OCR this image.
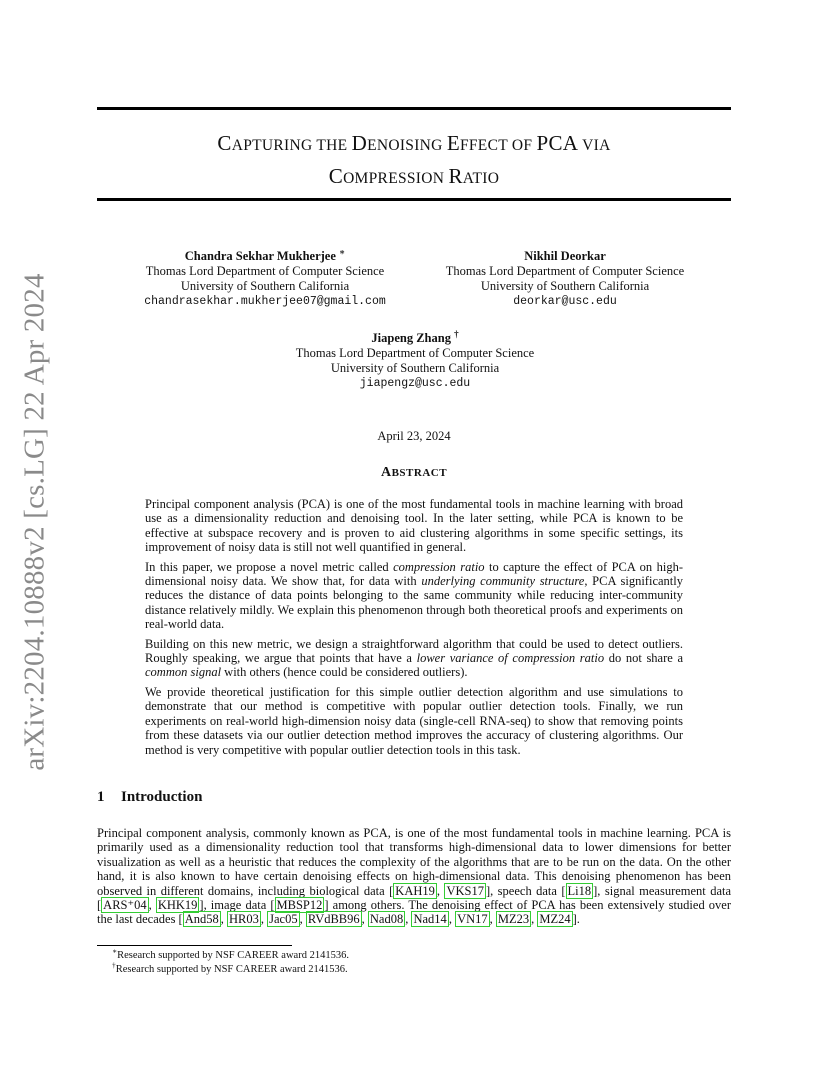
arXiv:2204.10888v2 [cs.LG] 22 Apr 2024
CAPTURING THE DENOISING EFFECT OF PCA VIA
COMPRESSION RATIO
Chandra Sekhar Mukherjee ∗
Thomas Lord Department of Computer Science
University of Southern California
chandrasekhar.mukherjee07@gmail.com
Nikhil Deorkar
Thomas Lord Department of Computer Science
University of Southern California
deorkar@usc.edu
Jiapeng Zhang †
Thomas Lord Department of Computer Science
University of Southern California
jiapengz@usc.edu
April 23, 2024
ABSTRACT

Principal component analysis (PCA) is one of the most fundamental tools in machine learning with broad use as a dimensionality reduction and denoising tool. In the later setting, while PCA is known to be effective at subspace recovery and is proven to aid clustering algorithms in some specific settings, its improvement of noisy data is still not well quantified in general.

In this paper, we propose a novel metric called compression ratio to capture the effect of PCA on high-dimensional noisy data. We show that, for data with underlying community structure, PCA significantly reduces the distance of data points belonging to the same community while reducing inter-community distance relatively mildly. We explain this phenomenon through both theoretical proofs and experiments on real-world data.

Building on this new metric, we design a straightforward algorithm that could be used to detect outliers. Roughly speaking, we argue that points that have a lower variance of compression ratio do not share a common signal with others (hence could be considered outliers).

We provide theoretical justification for this simple outlier detection algorithm and use simulations to demonstrate that our method is competitive with popular outlier detection tools. Finally, we run experiments on real-world high-dimension noisy data (single-cell RNA-seq) to show that removing points from these datasets via our outlier detection method improves the accuracy of clustering algorithms. Our method is very competitive with popular outlier detection tools in this task.

1 Introduction

Principal component analysis, commonly known as PCA, is one of the most fundamental tools in machine learning. PCA is primarily used as a dimensionality reduction tool that transforms high-dimensional data to lower dimensions for better visualization as well as a heuristic that reduces the complexity of the algorithms that are to be run on the data. On the other hand, it is also known to have certain denoising effects on high-dimensional data. This denoising phenomenon has been observed in different domains, including biological data [ KAH19 , VKS17 ], speech data [ Li18 ], signal measurement data [ ARS⁺04 , KHK19 ], image data [ MBSP12 ] among others. The denoising effect of PCA has been extensively studied over the last decades [ And58 , HR03 , Jac05 , RVdBB96 , Nad08 , Nad14 , VN17 , MZ23 , MZ24 ].

∗Research supported by NSF CAREER award 2141536.
†Research supported by NSF CAREER award 2141536.
